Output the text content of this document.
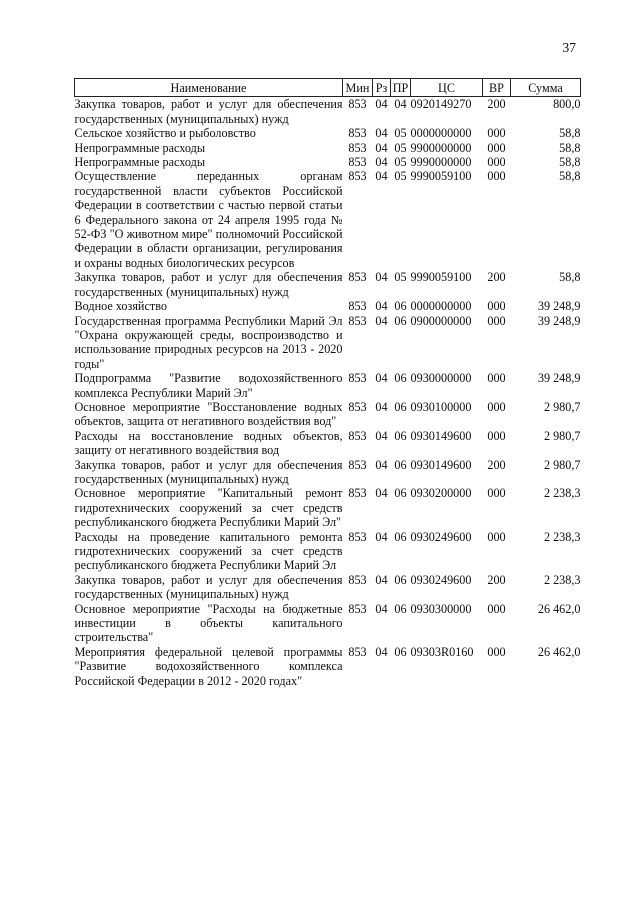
37
Наименование	Мин	Рз	ПР	ЦС	ВР	Сумма
Закупка товаров, работ и услуг для обеспечения государственных (муниципальных) нужд	853	04	04	0920149270	200	800,0
Сельское хозяйство и рыболовство	853	04	05	0000000000	000	58,8
Непрограммные расходы	853	04	05	9900000000	000	58,8
Непрограммные расходы	853	04	05	9990000000	000	58,8
Осуществление переданных органам государственной власти субъектов Российской Федерации в соответствии с частью первой статьи 6 Федерального закона от 24 апреля 1995 года № 52-ФЗ "О животном мире" полномочий Российской Федерации в области организации, регулирования и охраны водных биологических ресурсов	853	04	05	9990059100	000	58,8
Закупка товаров, работ и услуг для обеспечения государственных (муниципальных) нужд	853	04	05	9990059100	200	58,8
Водное хозяйство	853	04	06	0000000000	000	39 248,9
Государственная программа Республики Марий Эл "Охрана окружающей среды, воспроизводство и использование природных ресурсов на 2013 - 2020 годы"	853	04	06	0900000000	000	39 248,9
Подпрограмма "Развитие водохозяйственного комплекса Республики Марий Эл"	853	04	06	0930000000	000	39 248,9
Основное мероприятие "Восстановление водных объектов, защита от негативного воздействия вод"	853	04	06	0930100000	000	2 980,7
Расходы на восстановление водных объектов, защиту от негативного воздействия вод	853	04	06	0930149600	000	2 980,7
Закупка товаров, работ и услуг для обеспечения государственных (муниципальных) нужд	853	04	06	0930149600	200	2 980,7
Основное мероприятие "Капитальный ремонт гидротехнических сооружений за счет средств республиканского бюджета Республики Марий Эл"	853	04	06	0930200000	000	2 238,3
Расходы на проведение капитального ремонта гидротехнических сооружений за счет средств республиканского бюджета Республики Марий Эл	853	04	06	0930249600	000	2 238,3
Закупка товаров, работ и услуг для обеспечения государственных (муниципальных) нужд	853	04	06	0930249600	200	2 238,3
Основное мероприятие "Расходы на бюджетные инвестиции в объекты капитального строительства"	853	04	06	0930300000	000	26 462,0
Мероприятия федеральной целевой программы "Развитие водохозяйственного комплекса Российской Федерации в 2012 - 2020 годах"	853	04	06	09303R0160	000	26 462,0
